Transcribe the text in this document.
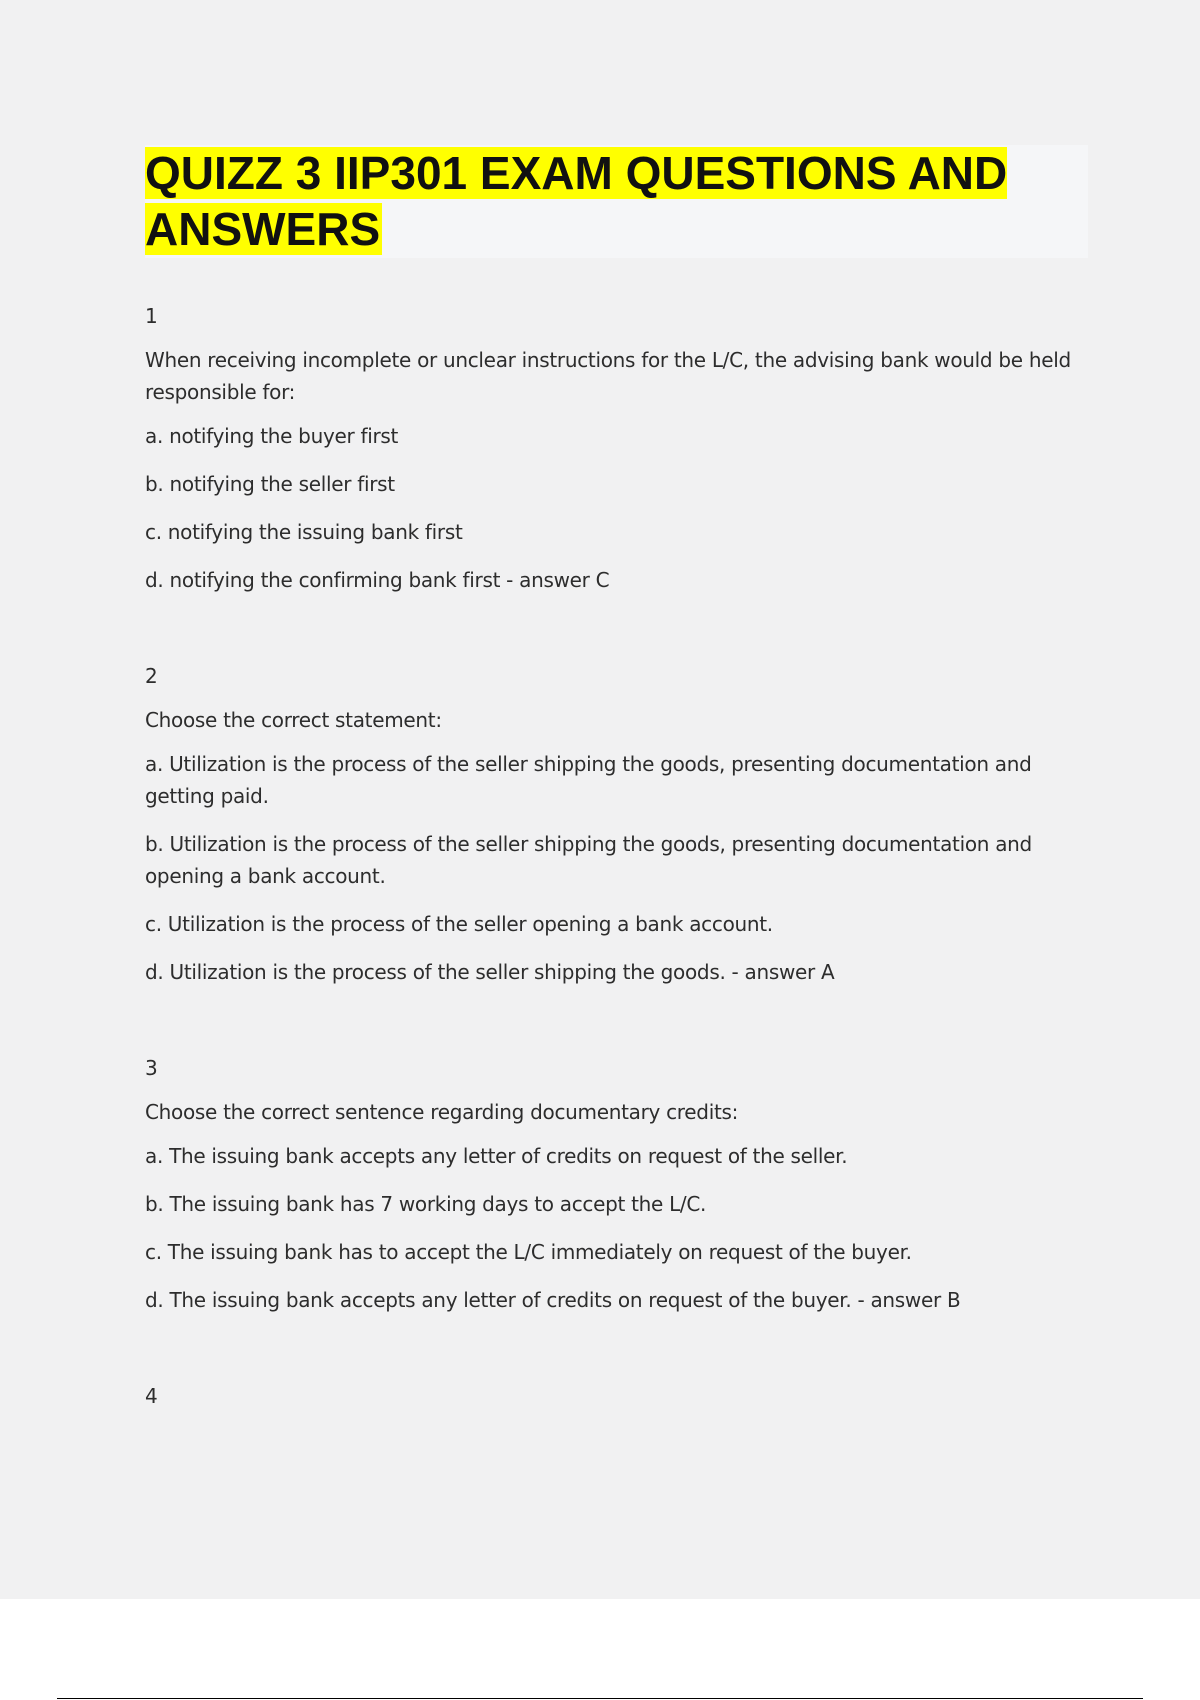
QUIZZ 3 IIP301 EXAM QUESTIONS AND ANSWERS

1

When receiving incomplete or unclear instructions for the L/C, the advising bank would be held responsible for:

a. notifying the buyer first

b. notifying the seller first

c. notifying the issuing bank first

d. notifying the confirming bank first - answer C

2

Choose the correct statement:

a. Utilization is the process of the seller shipping the goods, presenting documentation and getting paid.

b. Utilization is the process of the seller shipping the goods, presenting documentation and opening a bank account.

c. Utilization is the process of the seller opening a bank account.

d. Utilization is the process of the seller shipping the goods. - answer A

3

Choose the correct sentence regarding documentary credits:

a. The issuing bank accepts any letter of credits on request of the seller.

b. The issuing bank has 7 working days to accept the L/C.

c. The issuing bank has to accept the L/C immediately on request of the buyer.

d. The issuing bank accepts any letter of credits on request of the buyer. - answer B

4
